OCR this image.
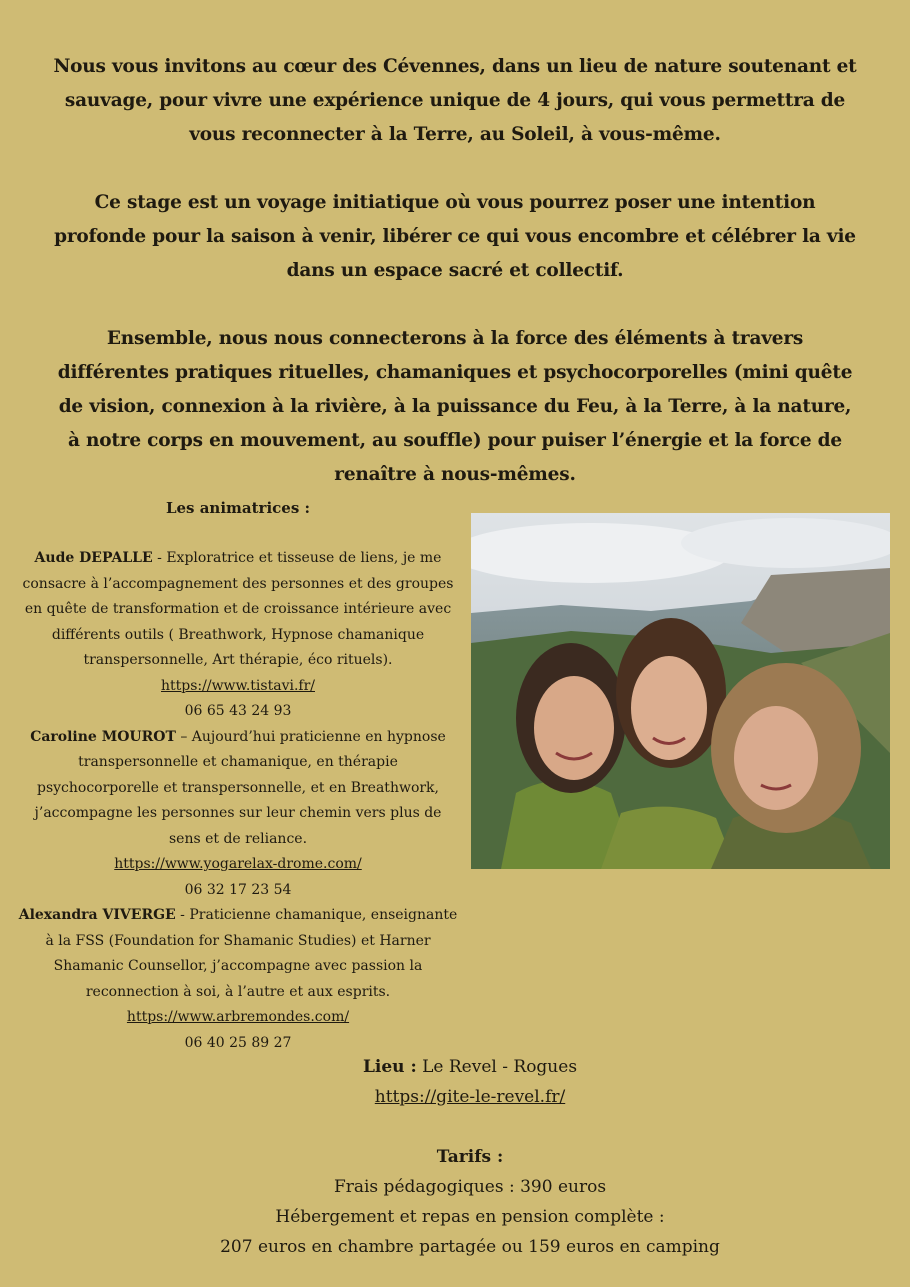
Nous vous invitons au cœur des Cévennes, dans un lieu de nature soutenant et sauvage, pour vivre une expérience unique de 4 jours, qui vous permettra de vous reconnecter à la Terre, au Soleil, à vous-même.

Ce stage est un voyage initiatique où vous pourrez poser une intention profonde pour la saison à venir, libérer ce qui vous encombre et célébrer la vie dans un espace sacré et collectif.

Ensemble, nous nous connecterons à la force des éléments à travers différentes pratiques rituelles, chamaniques et psychocorporelles (mini quête de vision, connexion à la rivière, à la puissance du Feu, à la Terre, à la nature, à notre corps en mouvement, au souffle) pour puiser l’énergie et la force de renaître à nous-mêmes.

Les animatrices :
Aude DEPALLE - Exploratrice et tisseuse de liens, je me consacre à l’accompagnement des personnes et des groupes en quête de transformation et de croissance intérieure avec différents outils ( Breathwork, Hypnose chamanique transpersonnelle, Art thérapie, éco rituels).
https://www.tistavi.fr/
06 65 43 24 93
Caroline MOUROT – Aujourd’hui praticienne en hypnose transpersonnelle et chamanique, en thérapie psychocorporelle et transpersonnelle, et en Breathwork, j’accompagne les personnes sur leur chemin vers plus de sens et de reliance.
https://www.yogarelax-drome.com/
06 32 17 23 54
Alexandra VIVERGE - Praticienne chamanique, enseignante à la FSS (Foundation for Shamanic Studies) et Harner Shamanic Counsellor, j’accompagne avec passion la reconnection à soi, à l’autre et aux esprits.
https://www.arbremondes.com/
06 40 25 89 27
Lieu : Le Revel - Rogues
https://gite-le-revel.fr/
Tarifs :
Frais pédagogiques : 390 euros
Hébergement et repas en pension complète :
207 euros en chambre partagée ou 159 euros en camping
